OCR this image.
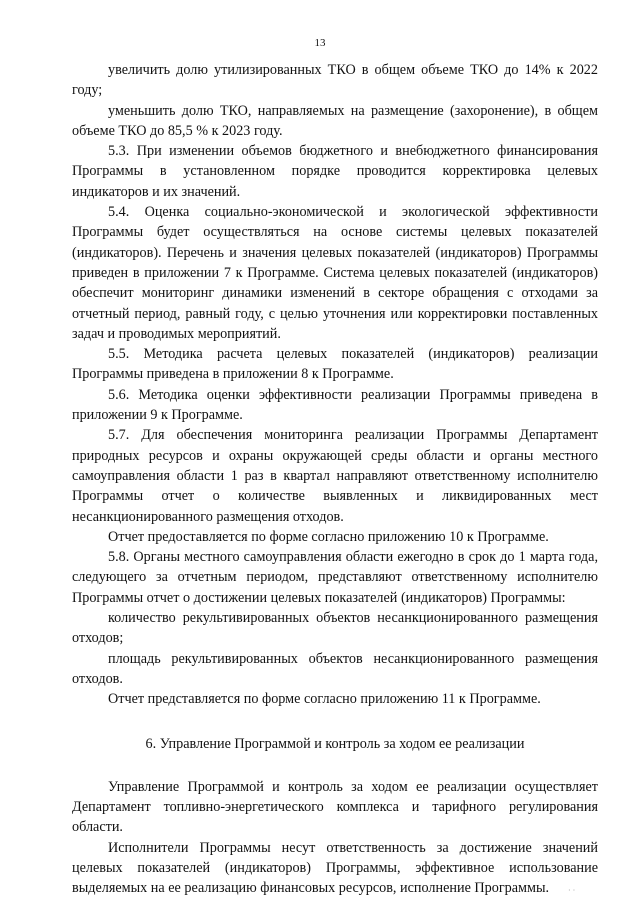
13

увеличить долю утилизированных ТКО в общем объеме ТКО до 14% к 2022 году;

уменьшить долю ТКО, направляемых на размещение (захоронение), в общем объеме ТКО до 85,5 % к 2023 году.

5.3. При изменении объемов бюджетного и внебюджетного финансирования Программы в установленном порядке проводится корректировка целевых индикаторов и их значений.

5.4. Оценка социально-экономической и экологической эффективности Программы будет осуществляться на основе системы целевых показателей (индикаторов). Перечень и значения целевых показателей (индикаторов) Программы приведен в приложении 7 к Программе. Система целевых показателей (индикаторов) обеспечит мониторинг динамики изменений в секторе обращения с отходами за отчетный период, равный году, с целью уточнения или корректировки поставленных задач и проводимых мероприятий.

5.5. Методика расчета целевых показателей (индикаторов) реализации Программы приведена в приложении 8 к Программе.

5.6. Методика оценки эффективности реализации Программы приведена в приложении 9 к Программе.

5.7. Для обеспечения мониторинга реализации Программы Департамент природных ресурсов и охраны окружающей среды области и органы местного самоуправления области 1 раз в квартал направляют ответственному исполнителю Программы отчет о количестве выявленных и ликвидированных мест несанкционированного размещения отходов.

Отчет предоставляется по форме согласно приложению 10 к Программе.

5.8. Органы местного самоуправления области ежегодно в срок до 1 марта года, следующего за отчетным периодом, представляют ответственному исполнителю Программы отчет о достижении целевых показателей (индикаторов) Программы:

количество рекультивированных объектов несанкционированного размещения отходов;

площадь рекультивированных объектов несанкционированного размещения отходов.

Отчет представляется по форме согласно приложению 11 к Программе.

6. Управление Программой и контроль за ходом ее реализации

Управление Программой и контроль за ходом ее реализации осуществляет Департамент топливно-энергетического комплекса и тарифного регулирования области.

Исполнители Программы несут ответственность за достижение значений целевых показателей (индикаторов) Программы, эффективное использование выделяемых на ее реализацию финансовых ресурсов, исполнение Программы.	· ·
